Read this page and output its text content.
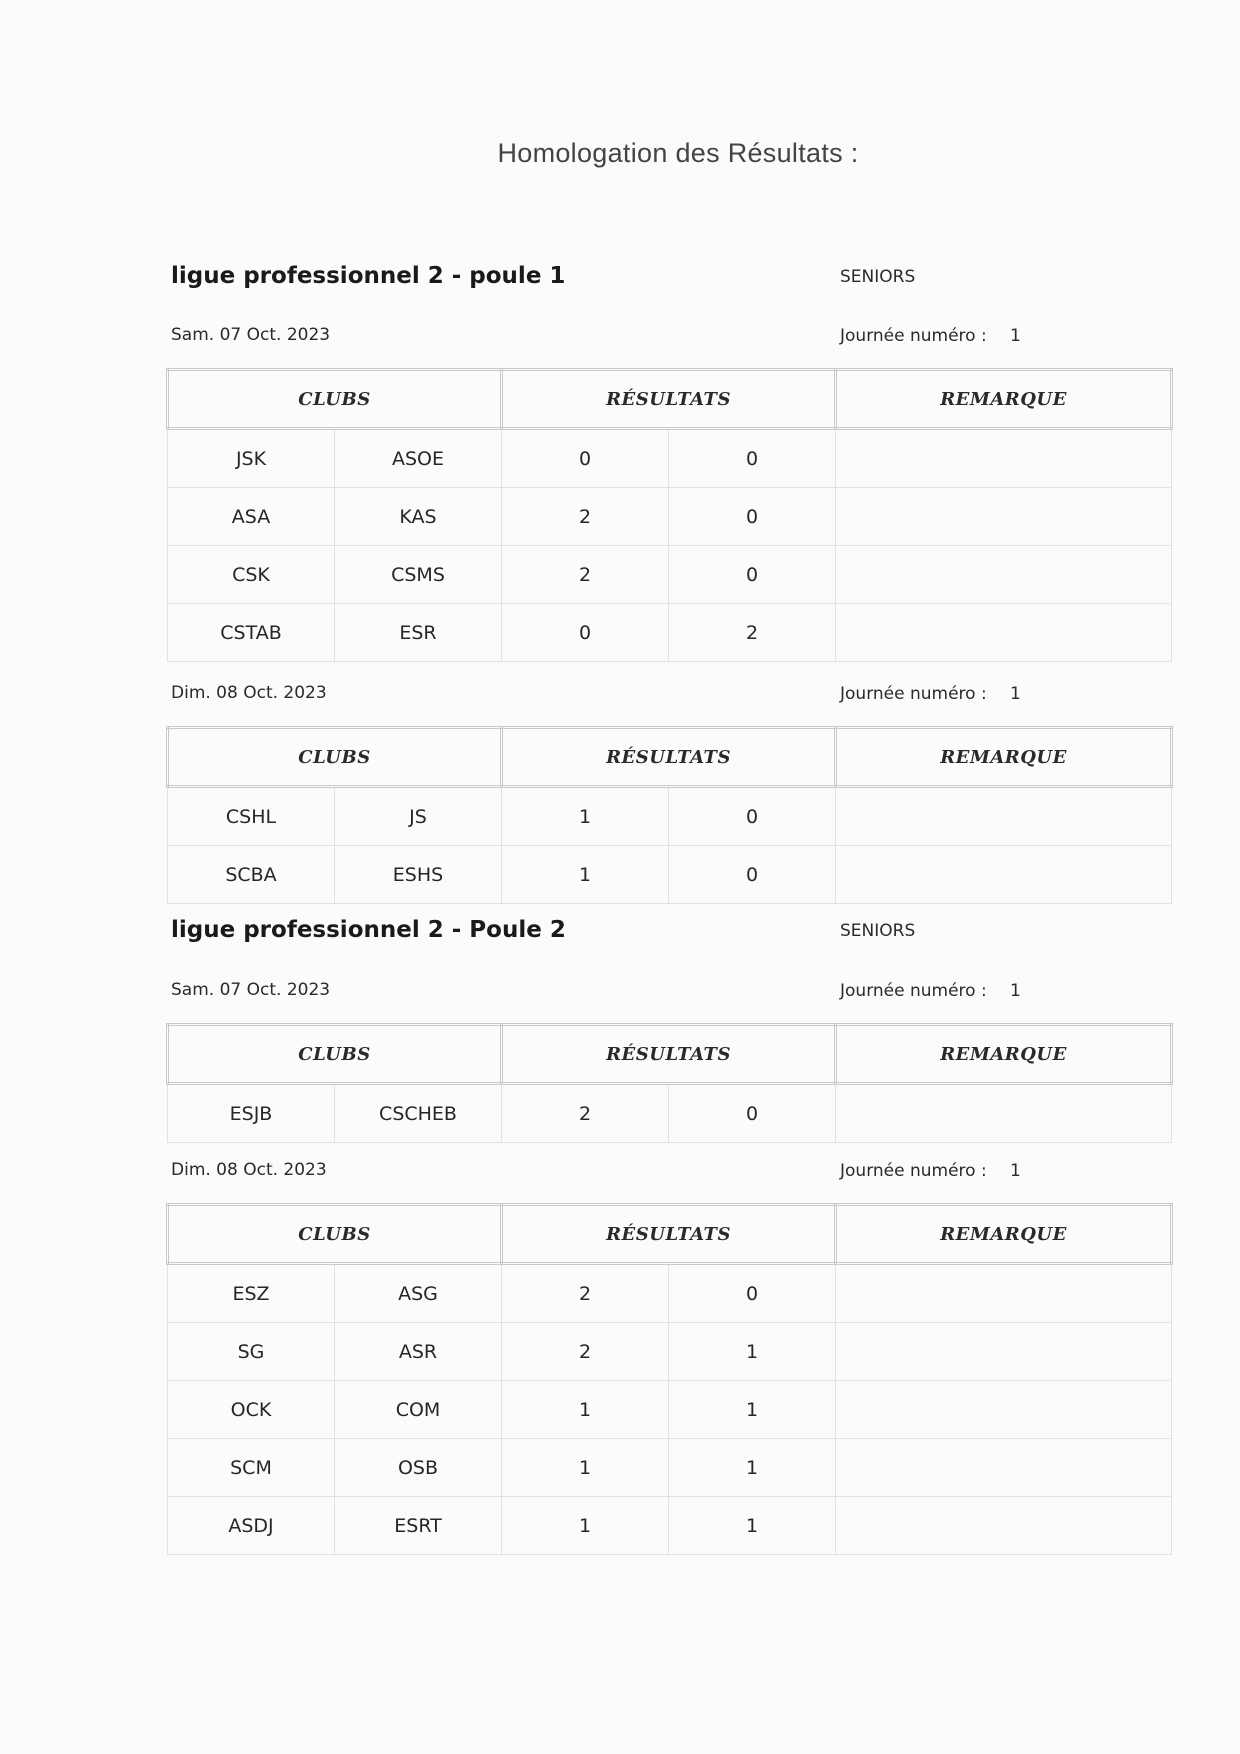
Homologation des Résultats :
ligue professionnel 2 - poule 1	SENIORS
Sam. 07 Oct. 2023	Journée numéro : 1
CLUBS		RÉSULTATS		REMARQUE
JSK	ASOE	0	0	
ASA	KAS	2	0	
CSK	CSMS	2	0	
CSTAB	ESR	0	2	
Dim. 08 Oct. 2023	Journée numéro : 1
CLUBS		RÉSULTATS		REMARQUE
CSHL	JS	1	0	
SCBA	ESHS	1	0	
ligue professionnel 2 - Poule 2	SENIORS
Sam. 07 Oct. 2023	Journée numéro : 1
CLUBS		RÉSULTATS		REMARQUE
ESJB	CSCHEB	2	0	
Dim. 08 Oct. 2023	Journée numéro : 1
CLUBS		RÉSULTATS		REMARQUE
ESZ	ASG	2	0	
SG	ASR	2	1	
OCK	COM	1	1	
SCM	OSB	1	1	
ASDJ	ESRT	1	1	
